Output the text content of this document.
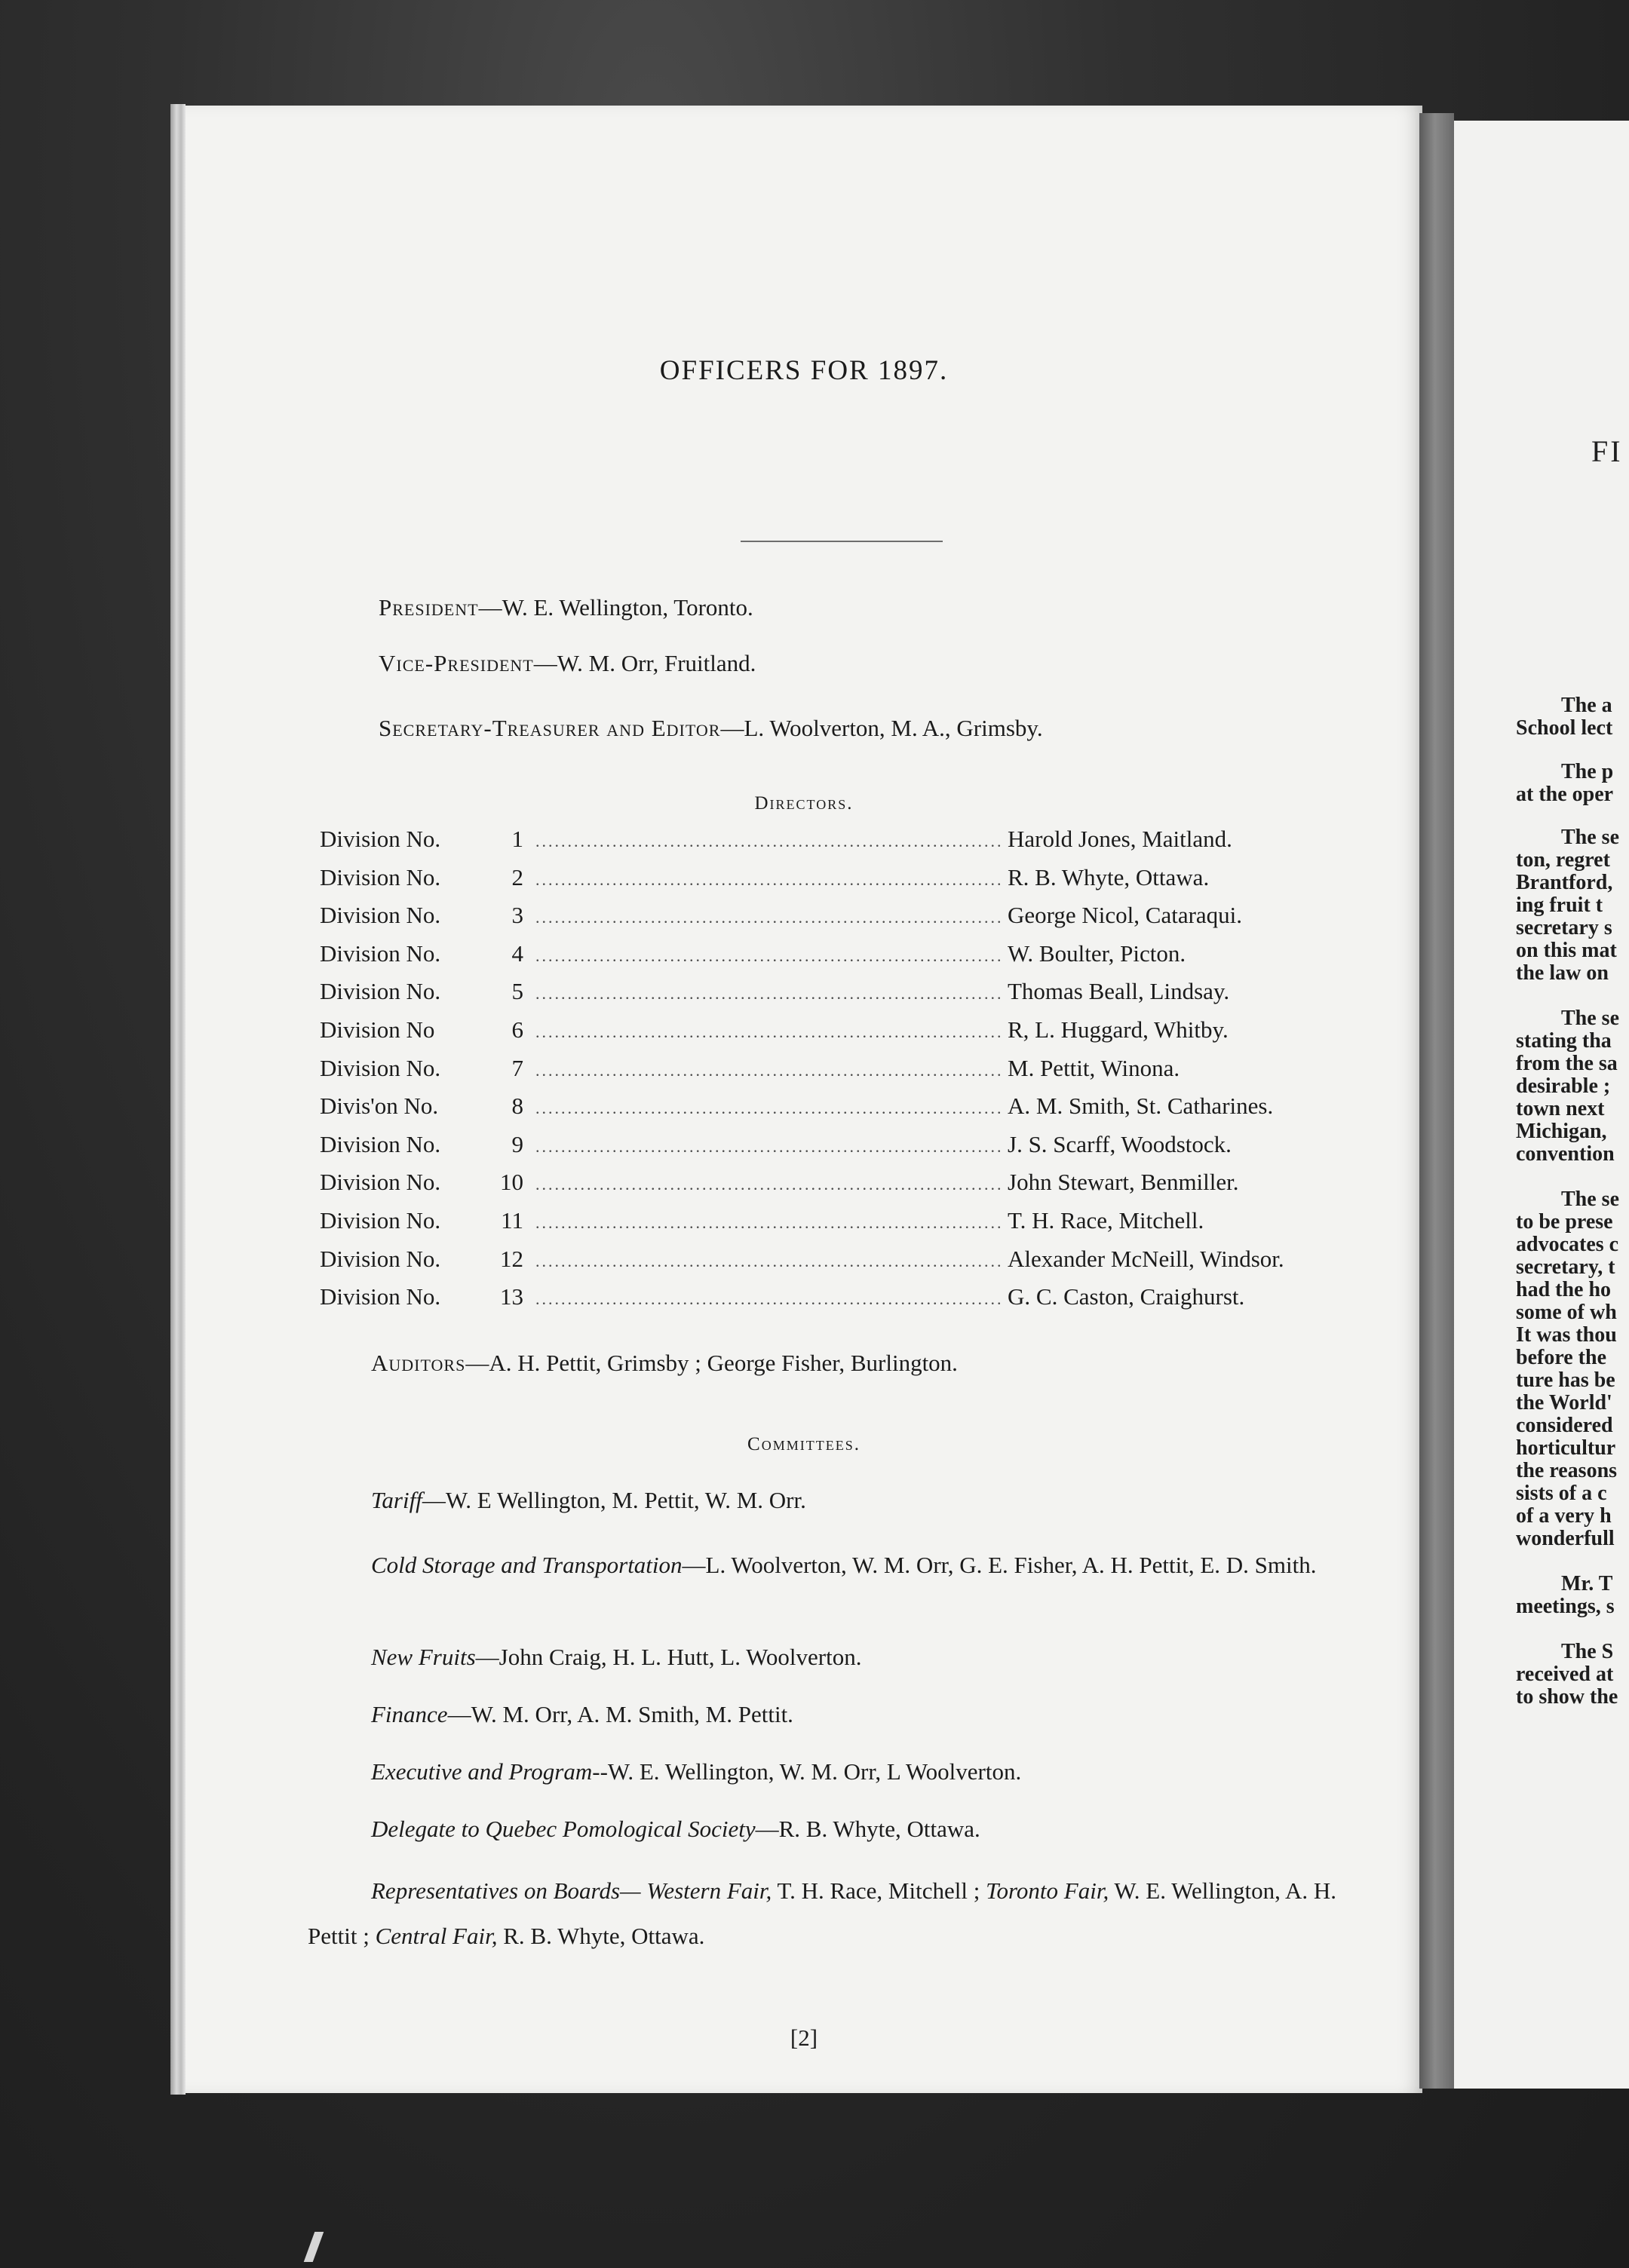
OFFICERS FOR 1897.
President—W. E. Wellington, Toronto.
Vice-President—W. M. Orr, Fruitland.
Secretary-Treasurer and Editor—L. Woolverton, M. A., Grimsby.
Directors.
Division No.	1 .....	Harold Jones, Maitland.
Division No.	2 .....	R. B. Whyte, Ottawa.
Division No.	3 .....	George Nicol, Cataraqui.
Division No.	4 .....	W. Boulter, Picton.
Division No.	5 .....	Thomas Beall, Lindsay.
Division No	6 .....	R, L. Huggard, Whitby.
Division No.	7 .....	M. Pettit, Winona.
Divis'on No.	8 .....	A. M. Smith, St. Catharines.
Division No.	9 .....	J. S. Scarff, Woodstock.
Division No.	10 .....	John Stewart, Benmiller.
Division No.	11 .....	T. H. Race, Mitchell.
Division No.	12 .....	Alexander McNeill, Windsor.
Division No.	13 .....	G. C. Caston, Craighurst.
Auditors—A. H. Pettit, Grimsby ; George Fisher, Burlington.
Committees.
Tariff—W. E Wellington, M. Pettit, W. M. Orr.
Cold Storage and Transportation—L. Woolverton, W. M. Orr, G. E. Fisher, A. H. Pettit, E. D. Smith.
New Fruits—John Craig, H. L. Hutt, L. Woolverton.
Finance—W. M. Orr, A. M. Smith, M. Pettit.
Executive and Program--W. E. Wellington, W. M. Orr, L Woolverton.
Delegate to Quebec Pomological Society—R. B. Whyte, Ottawa.
Representatives on Boards— Western Fair, T. H. Race, Mitchell ; Toronto Fair, W. E. Wellington, A. H. Pettit ; Central Fair, R. B. Whyte, Ottawa.
[2]
FI
The a
School lect
The p
at the oper
The se
ton, regret
Brantford,
ing fruit t
secretary s
on this mat
the law on
The se
stating tha
from the sa
desirable ;
town next
Michigan,
convention
The se
to be prese
advocates c
secretary, t
had the ho
some of wh
It was thou
before the
ture has be
the World'
considered
horticultur
the reasons
sists of a c
of a very h
wonderfull
Mr. T
meetings, s
The S
received at
to show the
